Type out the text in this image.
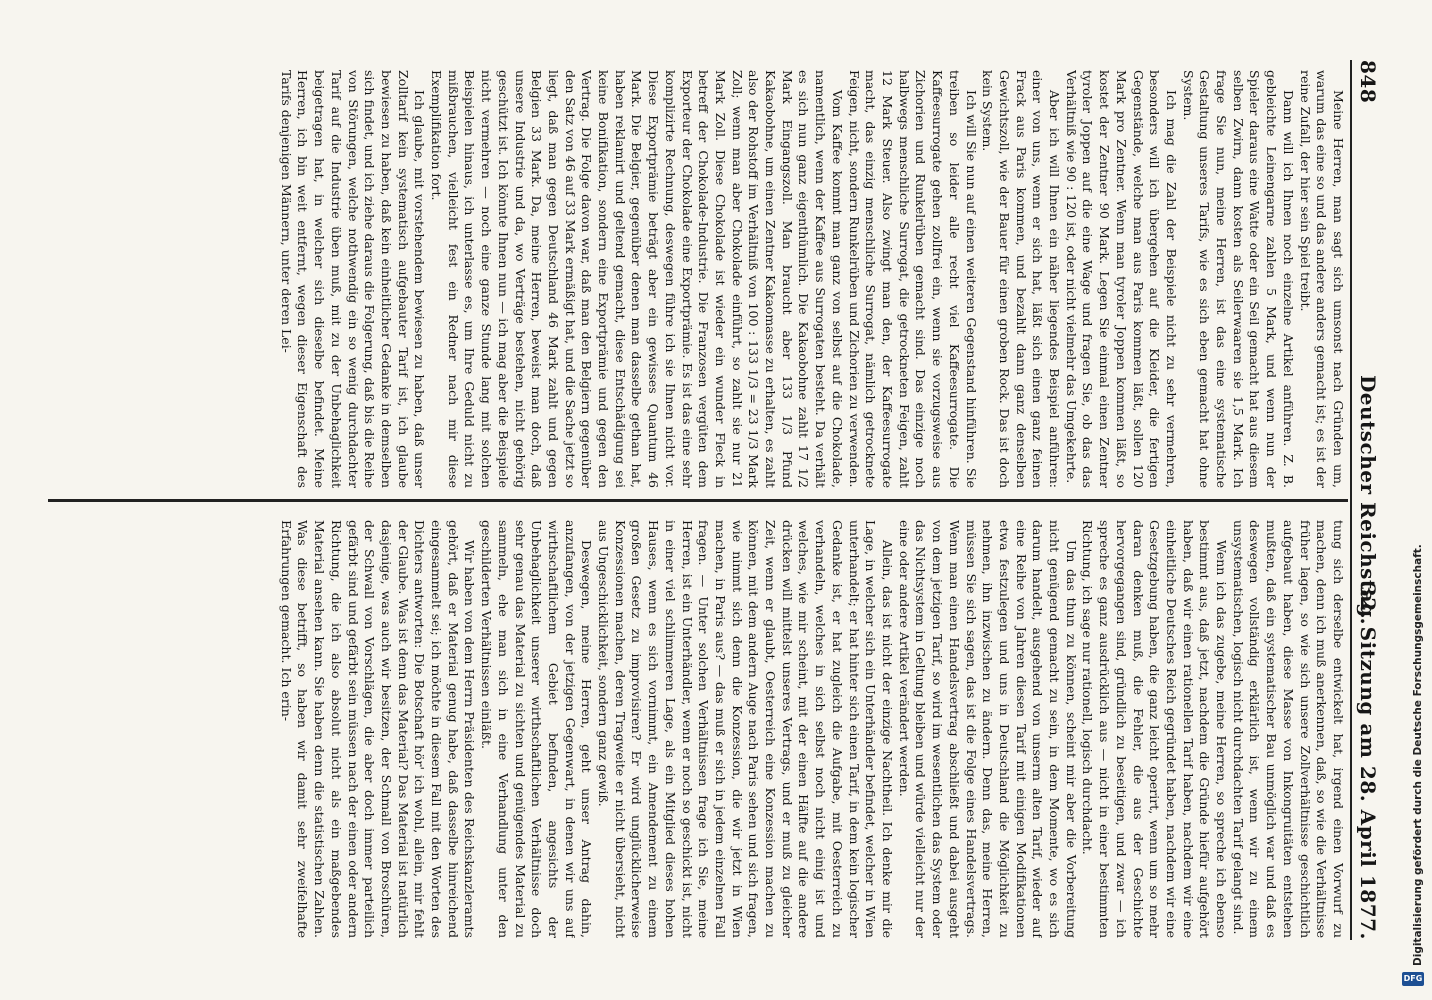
848
Deutscher Reichstag.
32. Sitzung am 28. April 1877.

Meine Herren, man sagt sich umsonst nach Gründen um, warum das eine so und das andere anders gemacht ist; es ist der reine Zufall, der hier sein Spiel treibt.

Dann will ich Ihnen noch einzelne Artikel anführen. Z. B. gebleichte Leinengarne zahlen 5 Mark, und wenn nun der Spieler daraus eine Watte oder ein Seil gemacht hat aus diesem selben Zwirn, dann kosten als Seilerwaaren sie 1,5 Mark. Ich frage Sie nun, meine Herren, ist das eine systematische Gestaltung unseres Tarifs, wie es sich eben gemacht hat ohne System.

Ich mag die Zahl der Beispiele nicht zu sehr vermehren, besonders will ich übergehen auf die Kleider, die fertigen Gegenstände, welche man aus Paris kommen läßt, sollen 120 Mark pro Zentner. Wenn man tyroler Joppen kommen läßt, so kostet der Zentner 90 Mark. Legen Sie einmal einen Zentner tyroler Joppen auf die eine Wage und fragen Sie, ob das das Verhältniß wie 90 : 120 ist, oder nicht vielmehr das Umgekehrte.

Aber ich will Ihnen ein näher liegendes Beispiel anführen: einer von uns, wenn er sich hat, läßt sich einen ganz feinen Frack aus Paris kommen, und bezahlt dann ganz denselben Gewichtszoll, wie der Bauer für einen groben Rock. Das ist doch kein System.

Ich will Sie nun auf einen weiteren Gegenstand hinführen. Sie treiben so leider alle recht viel Kaffeesurrogate. Die Kaffeesurrogate gehen zollfrei ein, wenn sie vorzugsweise aus Zichorien und Runkelrüben gemacht sind. Das einzige noch halbwegs menschliche Surrogat, die getrockneten Feigen, zahlt 12 Mark Steuer. Also zwingt man den, der Kaffeesurrogate macht, das einzig menschliche Surrogat, nämlich getrocknete Feigen, nicht, sondern Runkelrüben und Zichorien zu verwenden.

Vom Kaffee kommt man ganz von selbst auf die Chokolade, namentlich, wenn der Kaffee aus Surrogaten besteht. Da verhält es sich nun ganz eigenthümlich. Die Kakaobohne zahlt 17 1/2 Mark Eingangszoll. Man braucht aber 133 1/3 Pfund Kakaobohne, um einen Zentner Kakaomasse zu erhalten, es zahlt also der Rohstoff im Verhältniß von 100 : 133 1/3 = 23 1/3 Mark Zoll; wenn man aber Chokolade einführt, so zahlt sie nur 21 Mark Zoll. Diese Chokolade ist wieder ein wunder Fleck in betreff der Chokolade-Industrie. Die Franzosen vergüten dem Exporteur der Chokolade eine Exportprämie. Es ist das eine sehr komplizirte Rechnung, deswegen führe ich sie Ihnen nicht vor. Diese Exportprämie beträgt aber ein gewisses Quantum 46 Mark. Die Belgier, gegenüber denen man dasselbe gethan hat, haben reklamirt und geltend gemacht, diese Entschädigung sei keine Bonifikation, sondern eine Exportprämie und gegen den Vertrag. Die Folge davon war, daß man den Belgiern gegenüber den Satz von 46 auf 33 Mark ermäßigt hat, und die Sache jetzt so liegt, daß man gegen Deutschland 46 Mark zahlt und gegen Belgien 33 Mark. Da, meine Herren, beweist man doch, daß unsere Industrie und da, wo Verträge bestehen, nicht gehörig geschützt ist. Ich könnte Ihnen nun — ich mag aber die Beispiele nicht vermehren — noch eine ganze Stunde lang mit solchen Beispielen hinaus, ich unterlasse es, um Ihre Geduld nicht zu mißbrauchen, vielleicht fest ein Redner nach mir diese Exemplifikation fort.

Ich glaube, mit vorstehendem bewiesen zu haben, daß unser Zolltarif kein systematisch aufgebauter Tarif ist, ich glaube bewiesen zu haben, daß kein einheitlicher Gedanke in demselben sich findet, und ich ziehe daraus die Folgerung, daß bis die Reihe von Störungen, welche nothwendig ein so wenig durchdachter Tarif auf die Industrie üben muß, mit zu der Unbehaglichkeit beigetragen hat, in welcher sich dieselbe befindet. Meine Herren, ich bin weit entfernt, wegen dieser Eigenschaft des Tarifs denjenigen Männern, unter deren Lei-

tung sich derselbe entwickelt hat, irgend einen Vorwurf zu machen, denn ich muß anerkennen, daß, so wie die Verhältnisse früher lagen, so wie sich unsere Zollverhältnisse geschichtlich aufgebaut haben, diese Masse von Inkongruitäten entstehen mußten, daß ein systematischer Bau unmöglich war und daß es deswegen vollständig erklärlich ist, wenn wir zu einem unsystematischen, logisch nicht durchdachten Tarif gelangt sind.

Wenn ich das zugebe, meine Herren, so spreche ich ebenso bestimmt aus, daß jetzt, nachdem die Gründe hiefür aufgehört haben, daß wir einen rationellen Tarif haben, nachdem wir eine einheitliche Deutsches Reich gegründet haben, nachdem wir eine Gesetzgebung haben, die ganz leicht operirt, wenn um so mehr daran denken muß, die Fehler, die aus der Geschichte hervorgegangen sind, gründlich zu beseitigen, und zwar — ich spreche es ganz ausdrücklich aus — nicht in einer bestimmten Richtung, ich sage nur rationell, logisch durchdacht.

Um das thun zu können, scheint mir aber die Vorbereitung nicht genügend gemacht zu sein, in dem Momente, wo es sich darum handelt, ausgehend von unserm alten Tarif, wieder auf eine Reihe von Jahren diesen Tarif mit einigen Modifikationen etwa festzulegen und uns in Deutschland die Möglichkeit zu nehmen, ihn inzwischen zu ändern. Denn das, meine Herren, müssen Sie sich sagen, das ist die Folge eines Handelsvertrags. Wenn man einen Handelsvertrag abschließt und dabei ausgeht von dem jetzigen Tarif, so wird im wesentlichen das System oder das Nichtsystem in Geltung bleiben und würde vielleicht nur der eine oder andere Artikel verändert werden.

Allein, das ist nicht der einzige Nachtheil. Ich denke mir die Lage, in welcher sich ein Unterhändler befindet, welcher in Wien unterhandelt; er hat hinter sich einen Tarif, in dem kein logischer Gedanke ist, er hat zugleich die Aufgabe, mit Oesterreich zu verhandeln, welches in sich selbst noch nicht einig ist und welches, wie mir scheint, mit der einen Hälfte auf die andere drücken will mittelst unseres Vertrags, und er muß zu gleicher Zeit, wenn er glaubt, Oesterreich eine Konzession machen zu können, mit dem andern Auge nach Paris sehen und sich fragen, wie nimmt sich denn die Konzession, die wir jetzt in Wien machen, in Paris aus? — das muß er sich in jedem einzelnen Fall fragen. — Unter solchen Verhältnissen frage ich Sie, meine Herren, ist ein Unterhändler, wenn er noch so geschickt ist, nicht in einer viel schlimmeren Lage, als ein Mitglied dieses hohen Hauses, wenn es sich vornimmt, ein Amendement zu einem großen Gesetz zu improvisiren? Er wird unglücklicherweise Konzessionen machen, deren Tragweite er nicht übersieht, nicht aus Ungeschicklichkeit, sondern ganz gewiß.

Deswegen, meine Herren, geht unser Antrag dahin, anzufangen, von der jetzigen Gegenwart, in denen wir uns auf wirthschaftlichem Gebiet befinden, angesichts der Unbehaglichkeit unserer wirthschaftlichen Verhältnisse doch sehr genau das Material zu sichten und genügendes Material zu sammeln, ehe man sich in eine Verhandlung unter den geschilderten Verhältnissen einläßt.

Wir haben von dem Herrn Präsidenten des Reichskanzleramts gehört, daß er Material genug habe, daß dasselbe hinreichend eingesammelt sei; ich möchte in diesem Fall mit den Worten des Dichters antworten: Die Botschaft hör' ich wohl, allein, mir fehlt der Glaube. Was ist denn das Material? Das Material ist natürlich dasjenige, was auch wir besitzen, der Schmall von Broschüren, der Schwall von Vorschlägen, die aber doch immer parteilich gefärbt sind und gefärbt sein müssen nach der einen oder andern Richtung, die ich also absolut nicht als ein maßgebendes Material ansehen kann. Sie haben denn die statistischen Zahlen. Was diese betrifft, so haben wir damit sehr zweifelhafte Erfahrungen gemacht. Ich erin-	Digitalisierung gefördert durch die Deutsche Forschungsgemeinschaft.
DFG
